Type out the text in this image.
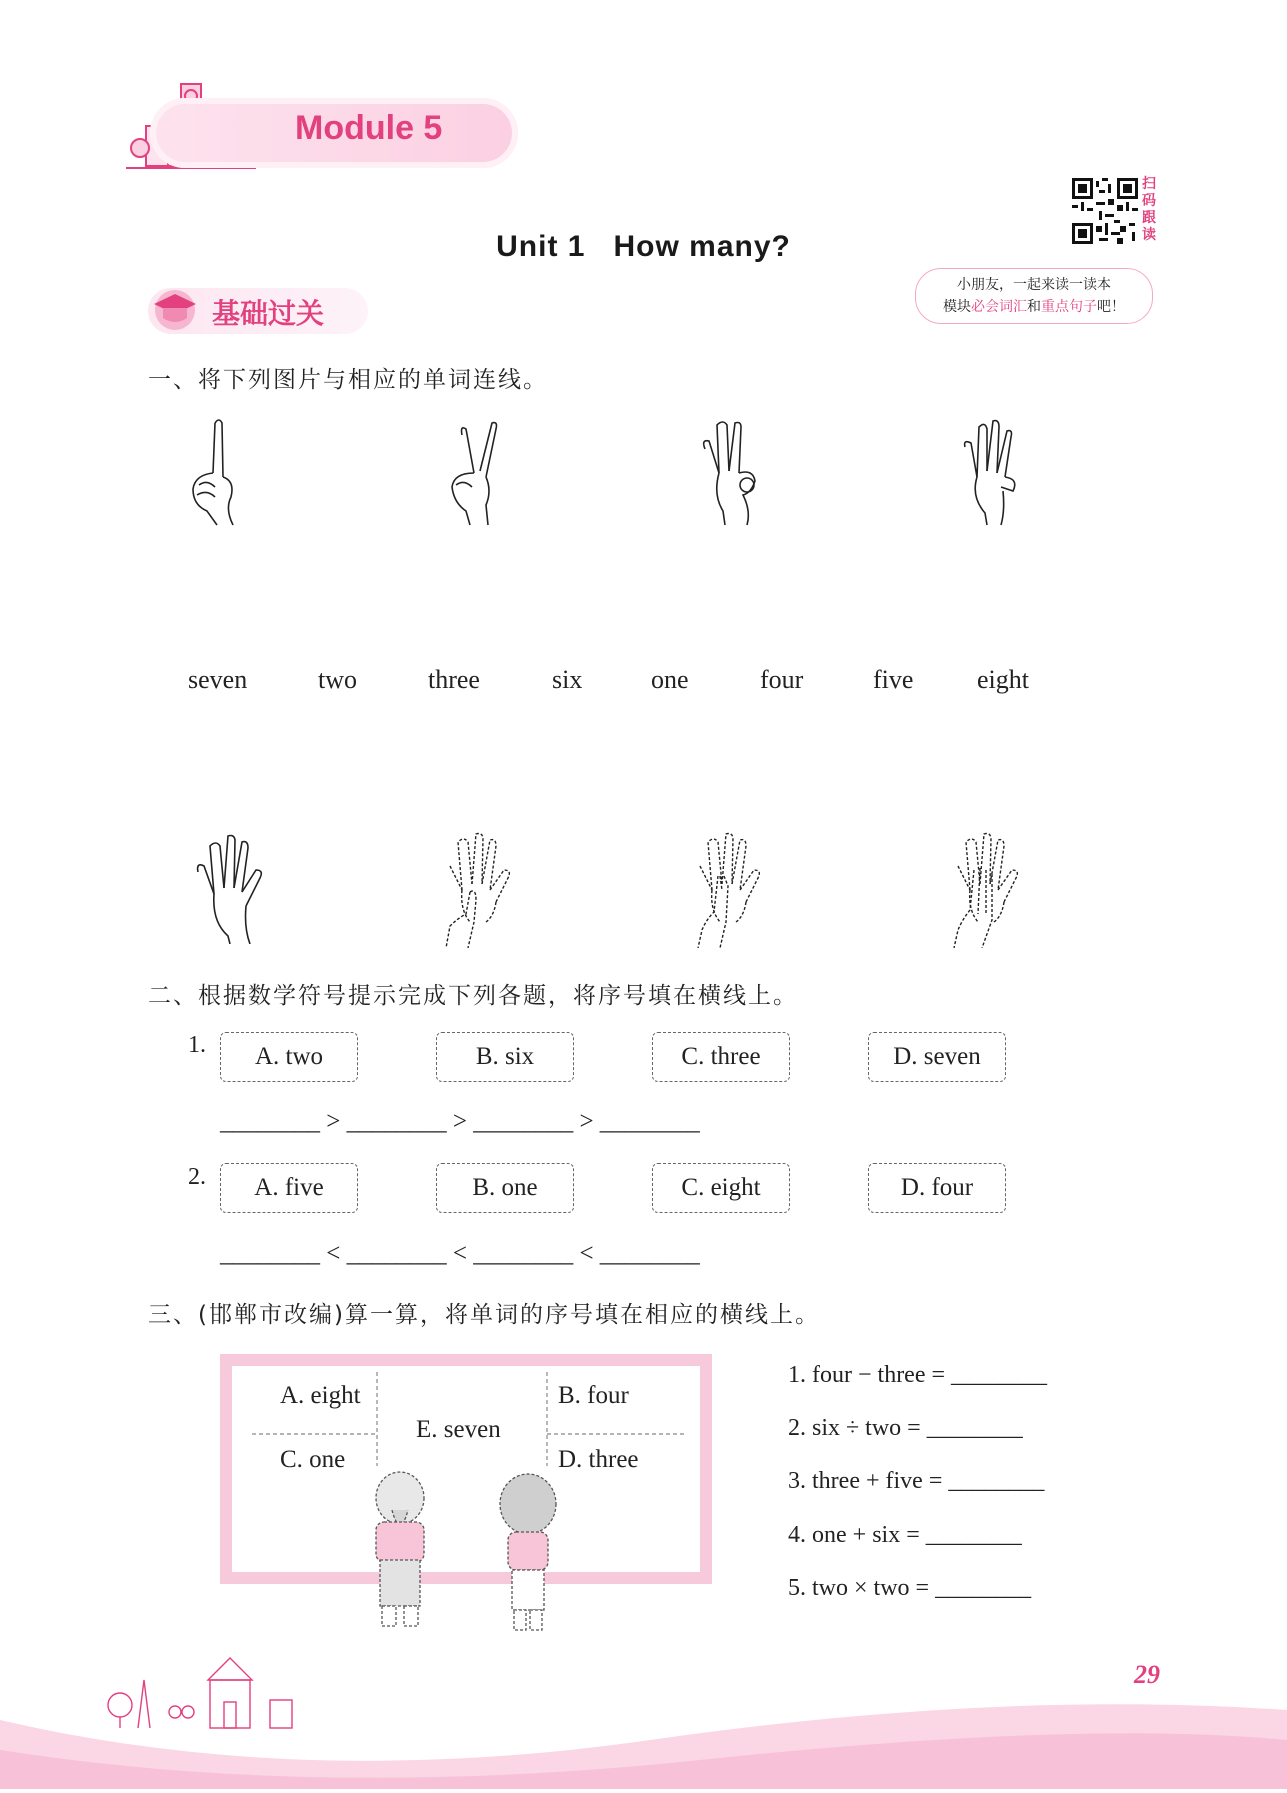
Module 5
Unit 1   How many?
扫
码
跟
读
小朋友，一起来读一读本
模块必会词汇和重点句子吧！
基础过关
一、将下列图片与相应的单词连线。
seven	two	three	six	one	four	five eight
二、根据数学符号提示完成下列各题，将序号填在横线上。
1.	A. two	B. six	C. three	D. seven
________ > ________ > ________ > ________
2.	A. five	B. one	C. eight	D. four
________ < ________ < ________ < ________
三、(邯郸市改编)算一算，将单词的序号填在相应的横线上。
A. eight	B. four
E. seven
C. one	D. three
1. four − three = ________
2. six ÷ two = ________
3. three + five = ________
4. one + six = ________
5. two × two = ________
29
